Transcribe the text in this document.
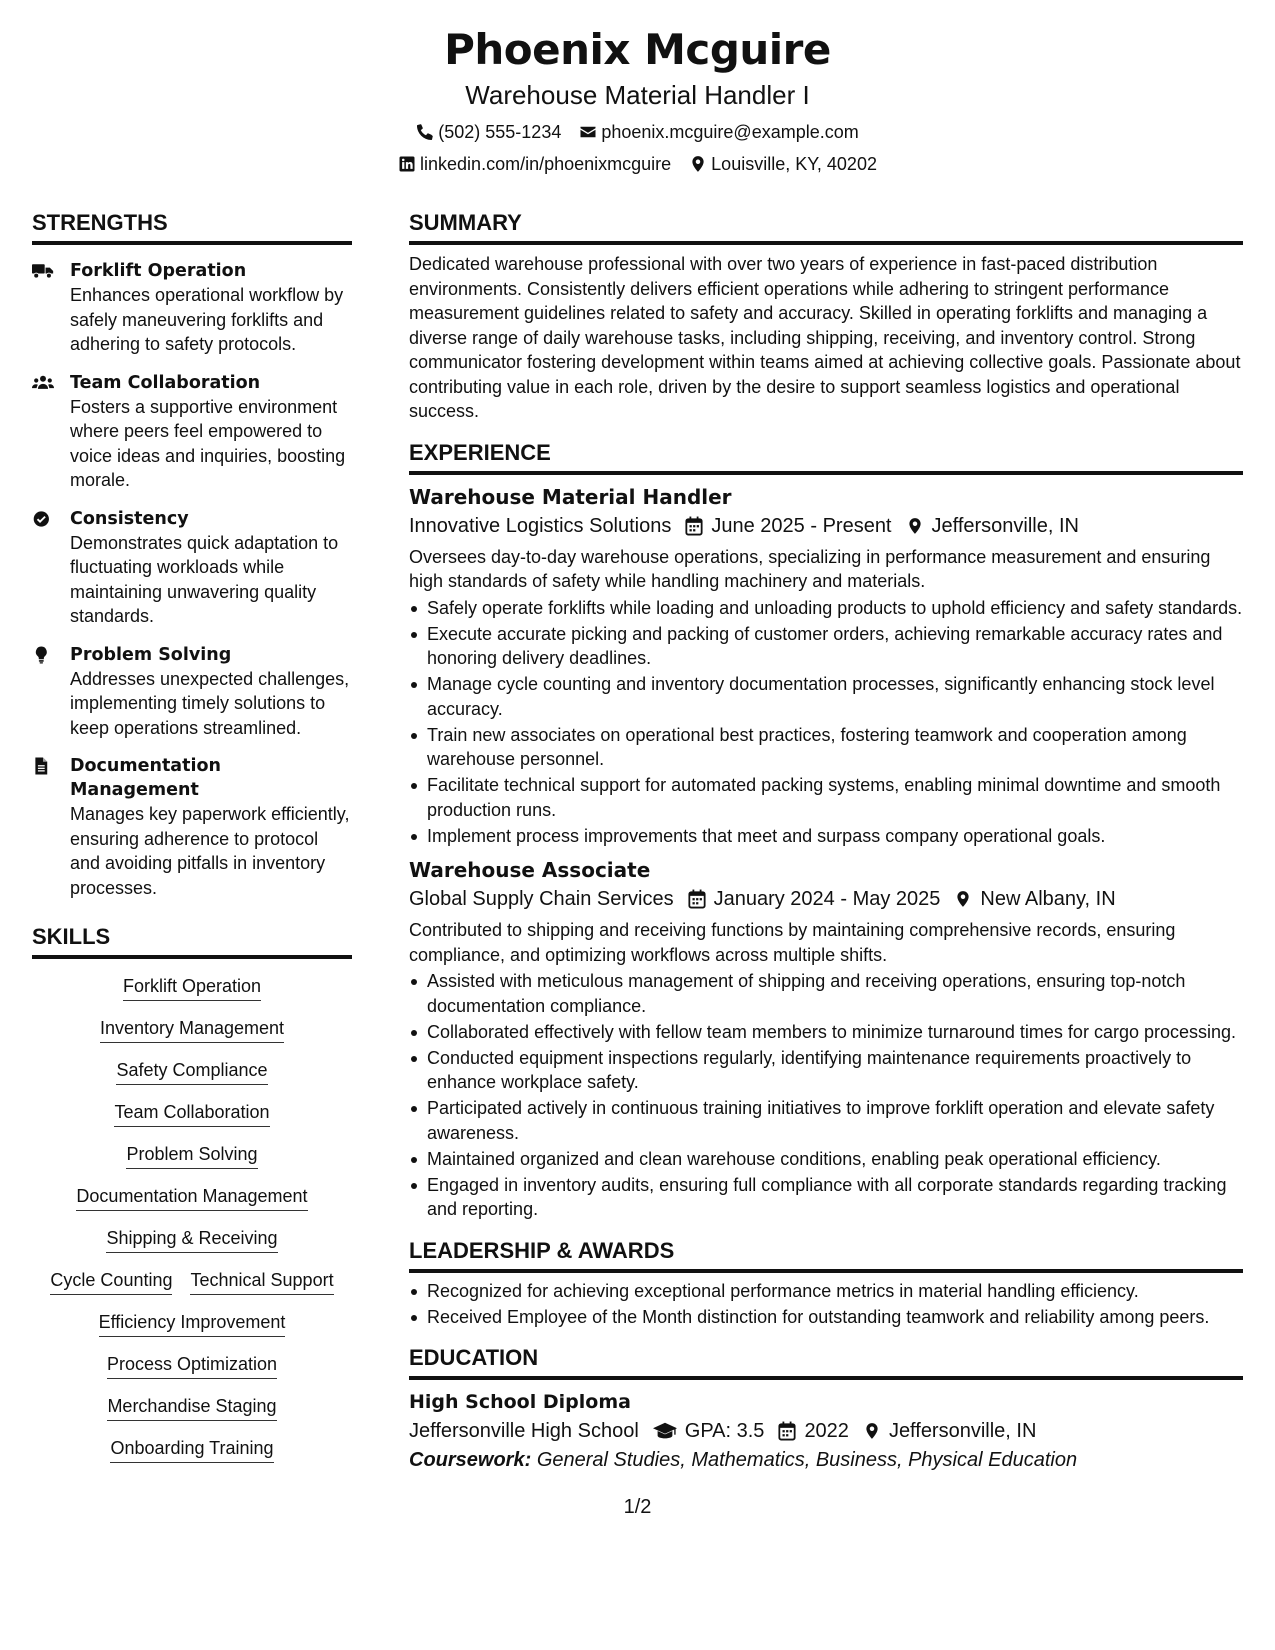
Phoenix Mcguire
Warehouse Material Handler I
(502) 555-1234 phoenix.mcguire@example.com
linkedin.com/in/phoenixmcguire Louisville, KY, 40202
STRENGTHS
Forklift Operation
Enhances operational workflow by safely maneuvering forklifts and adhering to safety protocols.
Team Collaboration
Fosters a supportive environment where peers feel empowered to voice ideas and inquiries, boosting morale.
Consistency
Demonstrates quick adaptation to fluctuating workloads while maintaining unwavering quality standards.
Problem Solving
Addresses unexpected challenges, implementing timely solutions to keep operations streamlined.
Documentation Management
Manages key paperwork efficiently, ensuring adherence to protocol and avoiding pitfalls in inventory processes.
SKILLS
Forklift Operation
Inventory Management
Safety Compliance
Team Collaboration
Problem Solving
Documentation Management
Shipping & Receiving
Cycle Counting Technical Support
Efficiency Improvement
Process Optimization
Merchandise Staging
Onboarding Training
SUMMARY
Dedicated warehouse professional with over two years of experience in fast-paced distribution environments. Consistently delivers efficient operations while adhering to stringent performance measurement guidelines related to safety and accuracy. Skilled in operating forklifts and managing a diverse range of daily warehouse tasks, including shipping, receiving, and inventory control. Strong communicator fostering development within teams aimed at achieving collective goals. Passionate about contributing value in each role, driven by the desire to support seamless logistics and operational success.
EXPERIENCE
Warehouse Material Handler
Innovative Logistics Solutions June 2025 - Present Jeffersonville, IN
Oversees day-to-day warehouse operations, specializing in performance measurement and ensuring high standards of safety while handling machinery and materials.
Safely operate forklifts while loading and unloading products to uphold efficiency and safety standards.
Execute accurate picking and packing of customer orders, achieving remarkable accuracy rates and honoring delivery deadlines.
Manage cycle counting and inventory documentation processes, significantly enhancing stock level accuracy.
Train new associates on operational best practices, fostering teamwork and cooperation among warehouse personnel.
Facilitate technical support for automated packing systems, enabling minimal downtime and smooth production runs.
Implement process improvements that meet and surpass company operational goals.
Warehouse Associate
Global Supply Chain Services January 2024 - May 2025 New Albany, IN
Contributed to shipping and receiving functions by maintaining comprehensive records, ensuring compliance, and optimizing workflows across multiple shifts.
Assisted with meticulous management of shipping and receiving operations, ensuring top-notch documentation compliance.
Collaborated effectively with fellow team members to minimize turnaround times for cargo processing.
Conducted equipment inspections regularly, identifying maintenance requirements proactively to enhance workplace safety.
Participated actively in continuous training initiatives to improve forklift operation and elevate safety awareness.
Maintained organized and clean warehouse conditions, enabling peak operational efficiency.
Engaged in inventory audits, ensuring full compliance with all corporate standards regarding tracking and reporting.
LEADERSHIP & AWARDS
Recognized for achieving exceptional performance metrics in material handling efficiency.
Received Employee of the Month distinction for outstanding teamwork and reliability among peers.
EDUCATION
High School Diploma
Jeffersonville High School GPA: 3.5 2022 Jeffersonville, IN
Coursework: General Studies, Mathematics, Business, Physical Education
1/2
